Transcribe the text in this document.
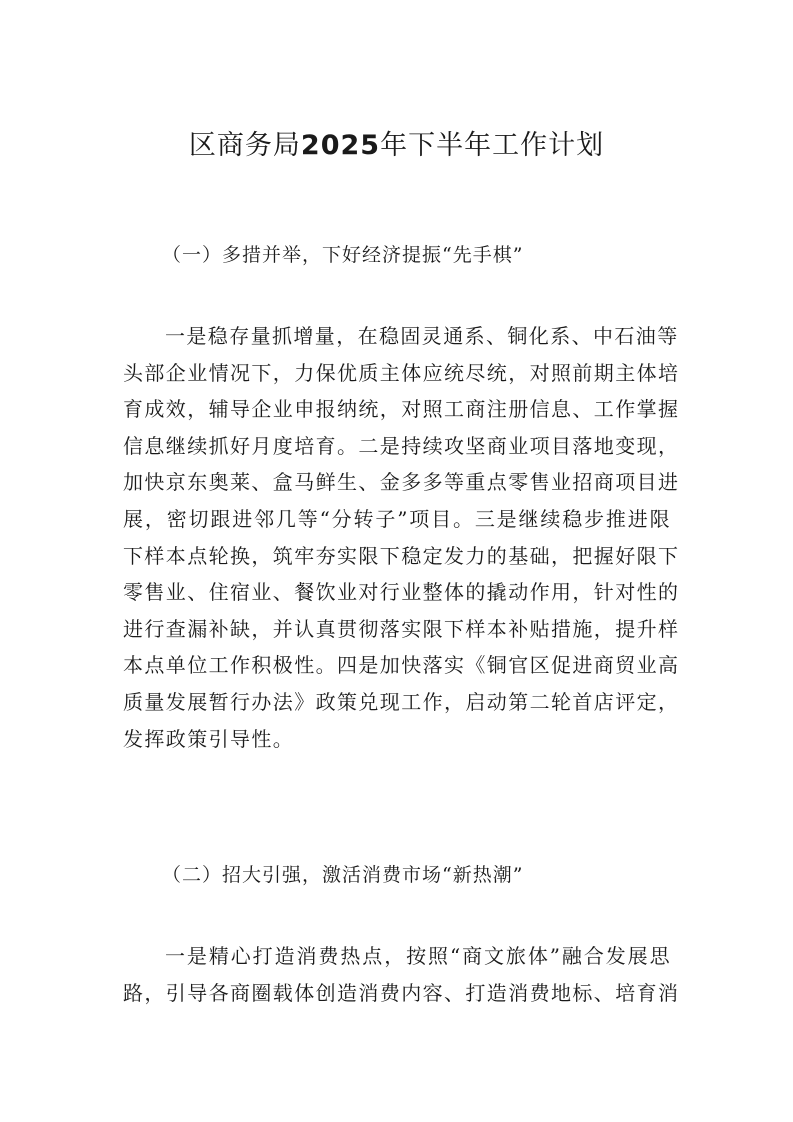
区商务局2025年下半年工作计划
（一）多措并举，下好经济提振“先手棋”
一是稳存量抓增量，在稳固灵通系、铜化系、中石油等
头部企业情况下，力保优质主体应统尽统，对照前期主体培
育成效，辅导企业申报纳统，对照工商注册信息、工作掌握
信息继续抓好月度培育。二是持续攻坚商业项目落地变现，
加快京东奥莱、盒马鲜生、金多多等重点零售业招商项目进
展，密切跟进邻几等“分转子”项目。三是继续稳步推进限
下样本点轮换，筑牢夯实限下稳定发力的基础，把握好限下
零售业、住宿业、餐饮业对行业整体的撬动作用，针对性的
进行查漏补缺，并认真贯彻落实限下样本补贴措施，提升样
本点单位工作积极性。四是加快落实《铜官区促进商贸业高
质量发展暂行办法》政策兑现工作，启动第二轮首店评定，
发挥政策引导性。
（二）招大引强，激活消费市场“新热潮”
一是精心打造消费热点，按照“商文旅体”融合发展思
路，引导各商圈载体创造消费内容、打造消费地标、培育消
